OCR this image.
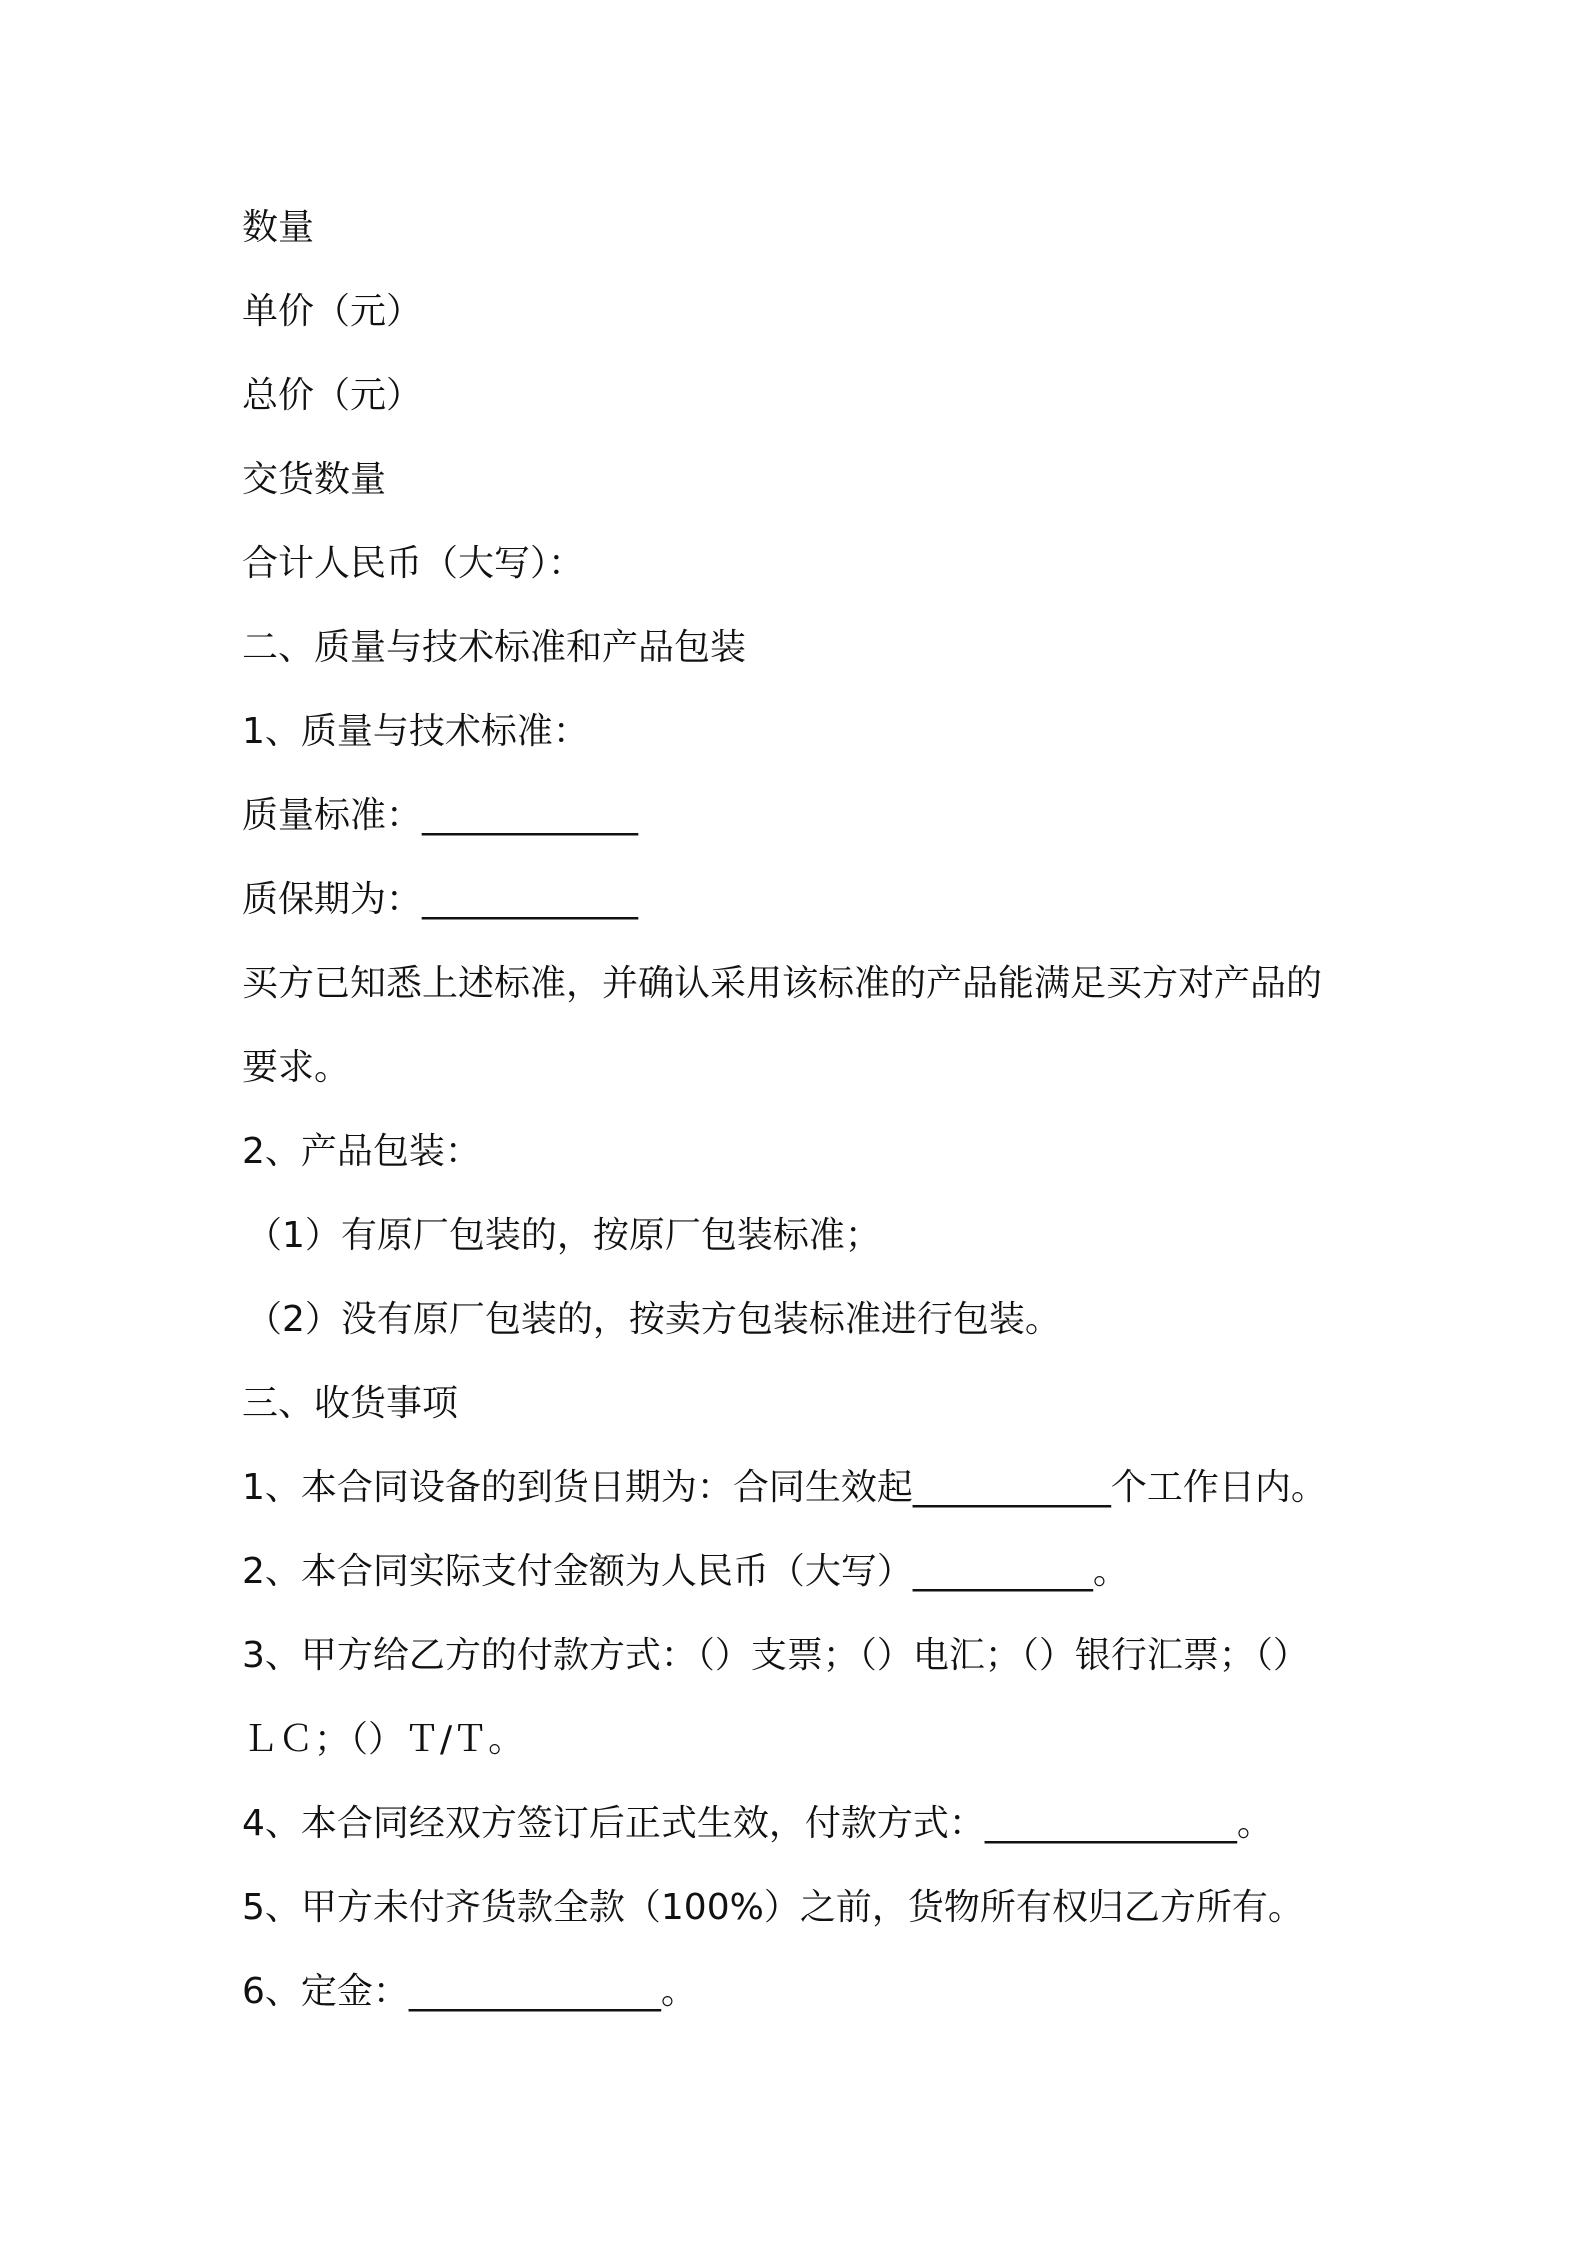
数量
单价（元）
总价（元）
交货数量
合计人民币（大写）：
二、质量与技术标准和产品包装
1、质量与技术标准：
质量标准：____________
质保期为：____________
买方已知悉上述标准，并确认采用该标准的产品能满足买方对产品的
要求。
2、产品包装：
（1）有原厂包装的，按原厂包装标准；
（2）没有原厂包装的，按卖方包装标准进行包装。
三、收货事项
1、本合同设备的到货日期为：合同生效起___________个工作日内。
2、本合同实际支付金额为人民币（大写）__________。
3、甲方给乙方的付款方式：（）支票；（）电汇；（）银行汇票；（）
ＬＣ；（）Ｔ/Ｔ。
4、本合同经双方签订后正式生效，付款方式：______________。
5、甲方未付齐货款全款（100%）之前，货物所有权归乙方所有。
6、定金：______________。
